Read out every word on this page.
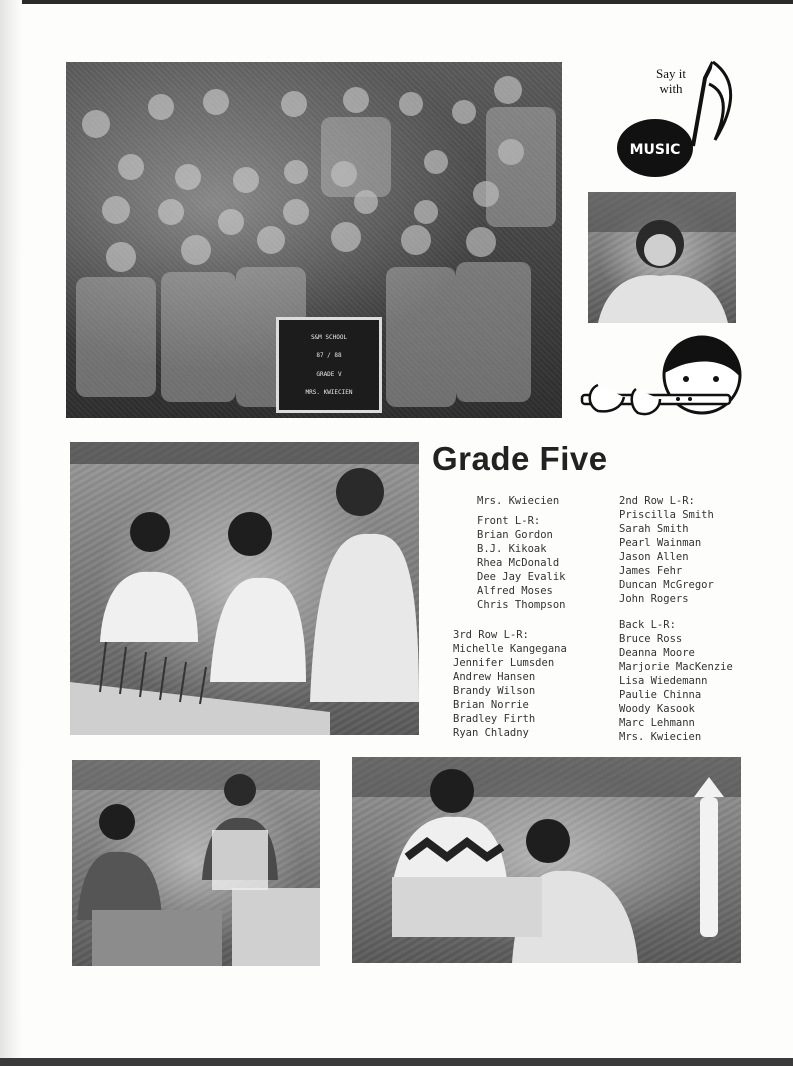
S&M SCHOOL
87 / 88
GRADE V
MRS. KWIECIEN
Say it
with
MUSIC
Grade Five
Mrs. Kwiecien
Front L-R:
Brian Gordon
B.J. Kikoak
Rhea McDonald
Dee Jay Evalik
Alfred Moses
Chris Thompson
3rd Row L-R:
Michelle Kangegana
Jennifer Lumsden
Andrew Hansen
Brandy Wilson
Brian Norrie
Bradley Firth
Ryan Chladny
2nd Row L-R:
Priscilla Smith
Sarah Smith
Pearl Wainman
Jason Allen
James Fehr
Duncan McGregor
John Rogers
Back L-R:
Bruce Ross
Deanna Moore
Marjorie MacKenzie
Lisa Wiedemann
Paulie Chinna
Woody Kasook
Marc Lehmann
Mrs. Kwiecien
